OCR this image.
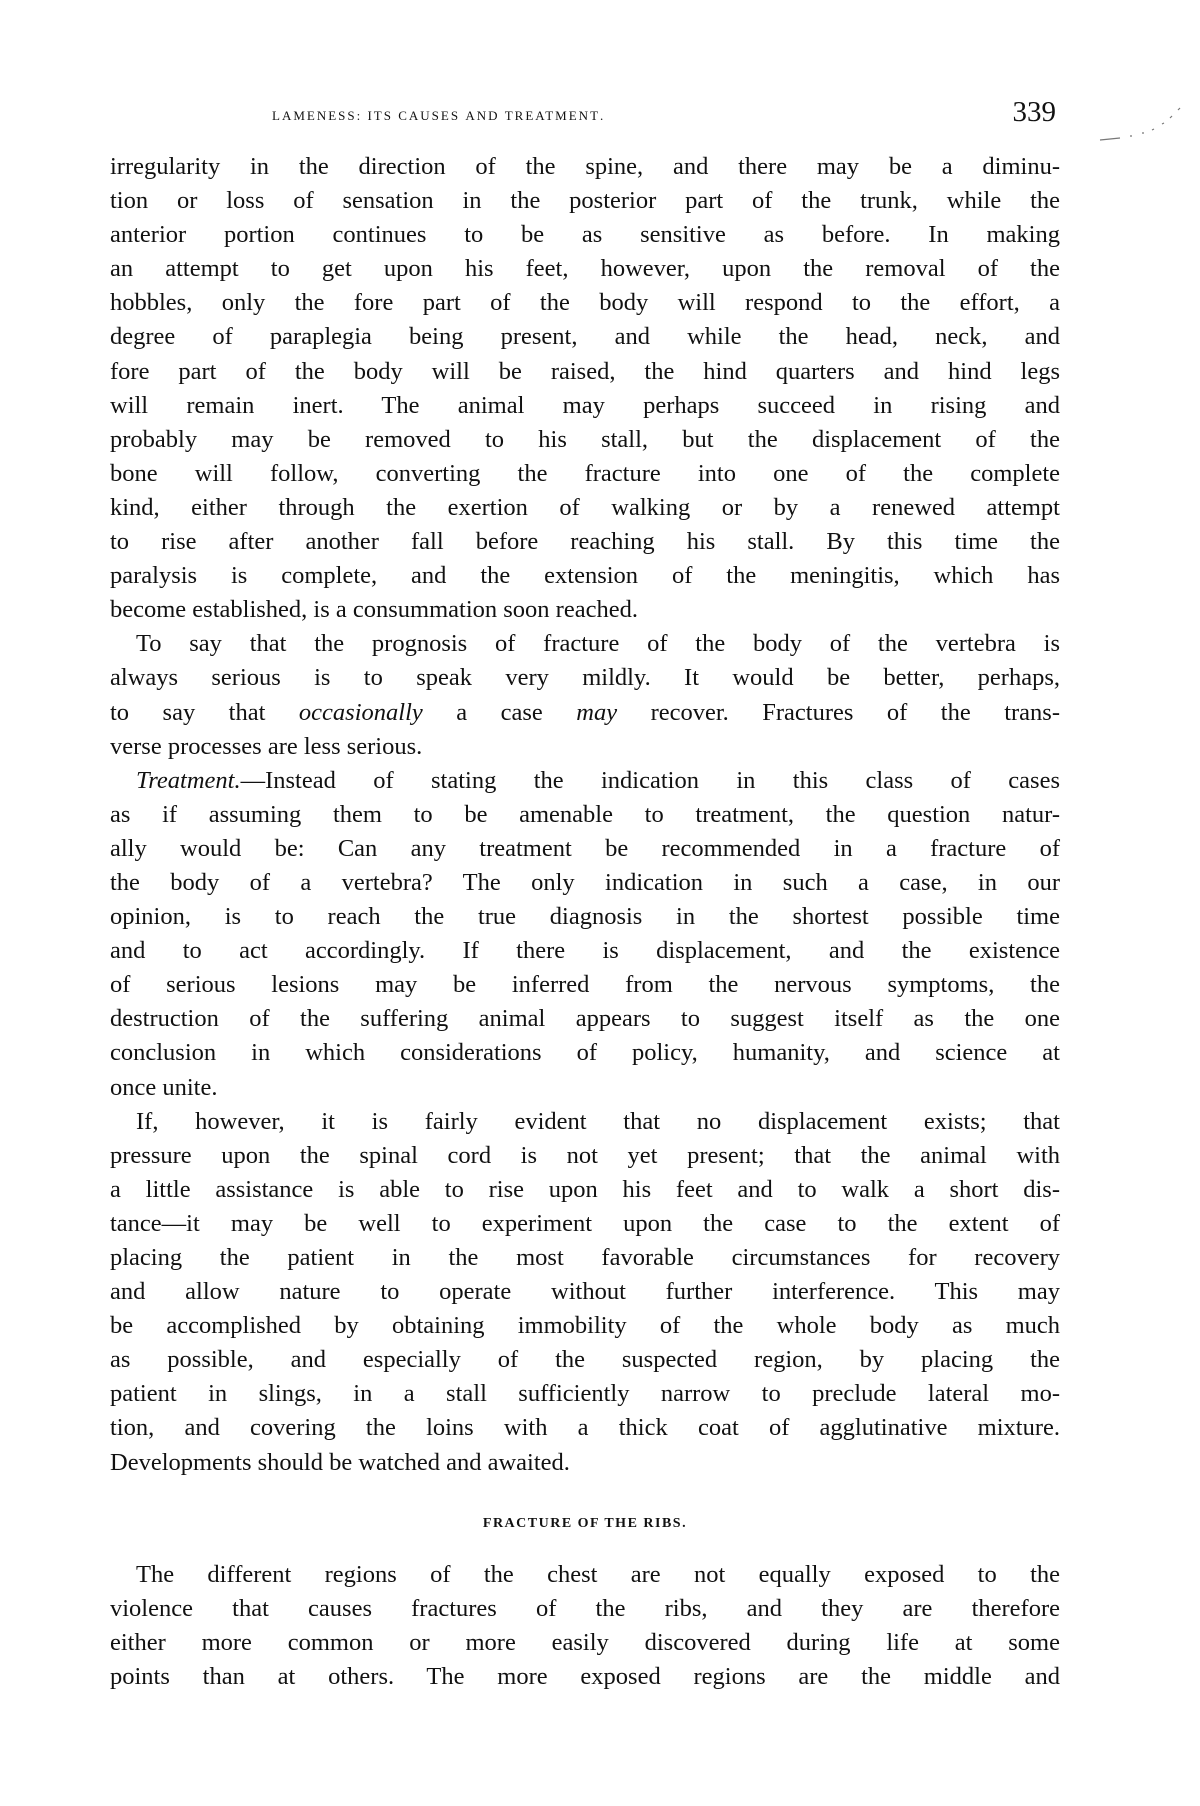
lameness: its causes and treatment.	339
irregularity in the direction of the spine, and there may be a diminu-
tion or loss of sensation in the posterior part of the trunk, while the
anterior portion continues to be as sensitive as before. In making
an attempt to get upon his feet, however, upon the removal of the
hobbles, only the fore part of the body will respond to the effort, a
degree of paraplegia being present, and while the head, neck, and
fore part of the body will be raised, the hind quarters and hind legs
will remain inert. The animal may perhaps succeed in rising and
probably may be removed to his stall, but the displacement of the
bone will follow, converting the fracture into one of the complete
kind, either through the exertion of walking or by a renewed attempt
to rise after another fall before reaching his stall. By this time the
paralysis is complete, and the extension of the meningitis, which has
become established, is a consummation soon reached.
To say that the prognosis of fracture of the body of the vertebra is
always serious is to speak very mildly. It would be better, perhaps,
to say that occasionally a case may recover. Fractures of the trans-
verse processes are less serious.
Treatment.—Instead of stating the indication in this class of cases
as if assuming them to be amenable to treatment, the question natur-
ally would be: Can any treatment be recommended in a fracture of
the body of a vertebra? The only indication in such a case, in our
opinion, is to reach the true diagnosis in the shortest possible time
and to act accordingly. If there is displacement, and the existence
of serious lesions may be inferred from the nervous symptoms, the
destruction of the suffering animal appears to suggest itself as the one
conclusion in which considerations of policy, humanity, and science at
once unite.
If, however, it is fairly evident that no displacement exists; that
pressure upon the spinal cord is not yet present; that the animal with
a little assistance is able to rise upon his feet and to walk a short dis-
tance—it may be well to experiment upon the case to the extent of
placing the patient in the most favorable circumstances for recovery
and allow nature to operate without further interference. This may
be accomplished by obtaining immobility of the whole body as much
as possible, and especially of the suspected region, by placing the
patient in slings, in a stall sufficiently narrow to preclude lateral mo-
tion, and covering the loins with a thick coat of agglutinative mixture.
Developments should be watched and awaited.
FRACTURE OF THE RIBS.
The different regions of the chest are not equally exposed to the
violence that causes fractures of the ribs, and they are therefore
either more common or more easily discovered during life at some
points than at others. The more exposed regions are the middle and
